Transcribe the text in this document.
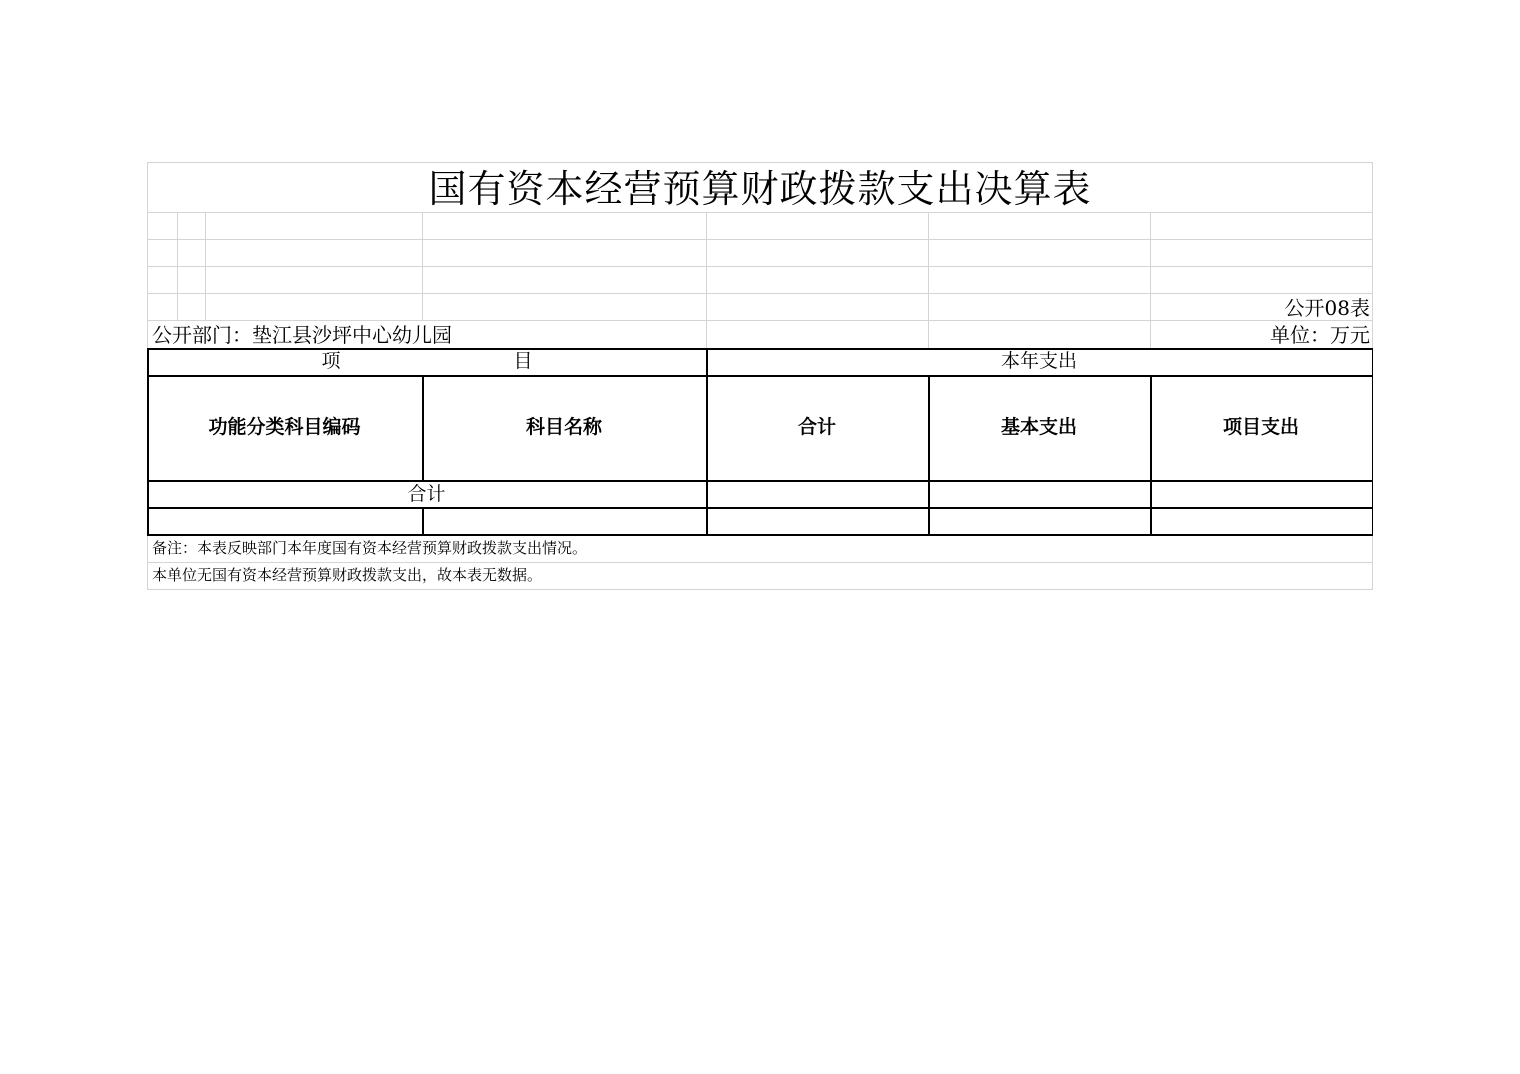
国有资本经营预算财政拨款支出决算表
公开08表
公开部门：垫江县沙坪中心幼儿园	单位：万元
项	目	本年支出
功能分类科目编码	科目名称	合计	基本支出	项目支出
合计
备注：本表反映部门本年度国有资本经营预算财政拨款支出情况。
本单位无国有资本经营预算财政拨款支出，故本表无数据。
